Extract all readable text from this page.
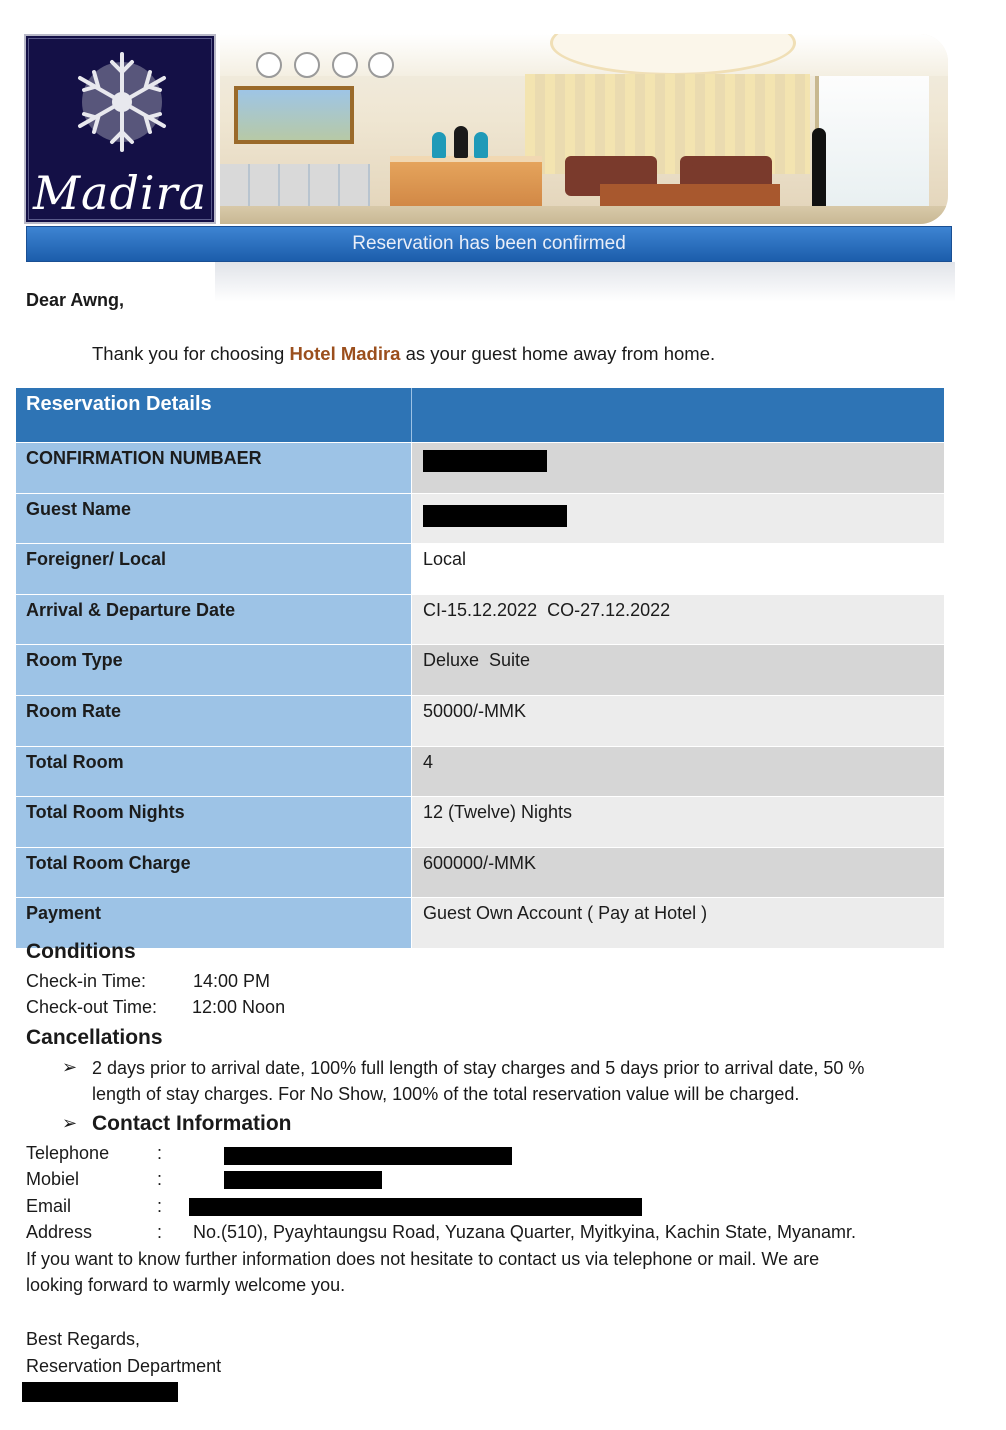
Madira
Reservation has been confirmed
Dear Awng,
Thank you for choosing Hotel Madira as your guest home away from home.
Reservation Details
CONFIRMATION NUMBAER
Guest Name
Foreigner/ Local	Local
Arrival & Departure Date	CI-15.12.2022  CO-27.12.2022
Room Type	Deluxe  Suite
Room Rate	50000/-MMK
Total Room	4
Total Room Nights	12 (Twelve) Nights
Total Room Charge	600000/-MMK
Payment	Guest Own Account ( Pay at Hotel )
Conditions
Check-in Time:	14:00 PM
Check-out Time: 12:00 Noon
Cancellations
➢ 2 days prior to arrival date, 100% full length of stay charges and 5 days prior to arrival date, 50 %
length of stay charges. For No Show, 100% of the total reservation value will be charged.
➢ Contact Information
Telephone	:
Mobiel	:
Email	:
Address	: No.(510), Pyayhtaungsu Road, Yuzana Quarter, Myitkyina, Kachin State, Myanamr.
If you want to know further information does not hesitate to contact us via telephone or mail. We are
looking forward to warmly welcome you.
Best Regards,
Reservation Department
